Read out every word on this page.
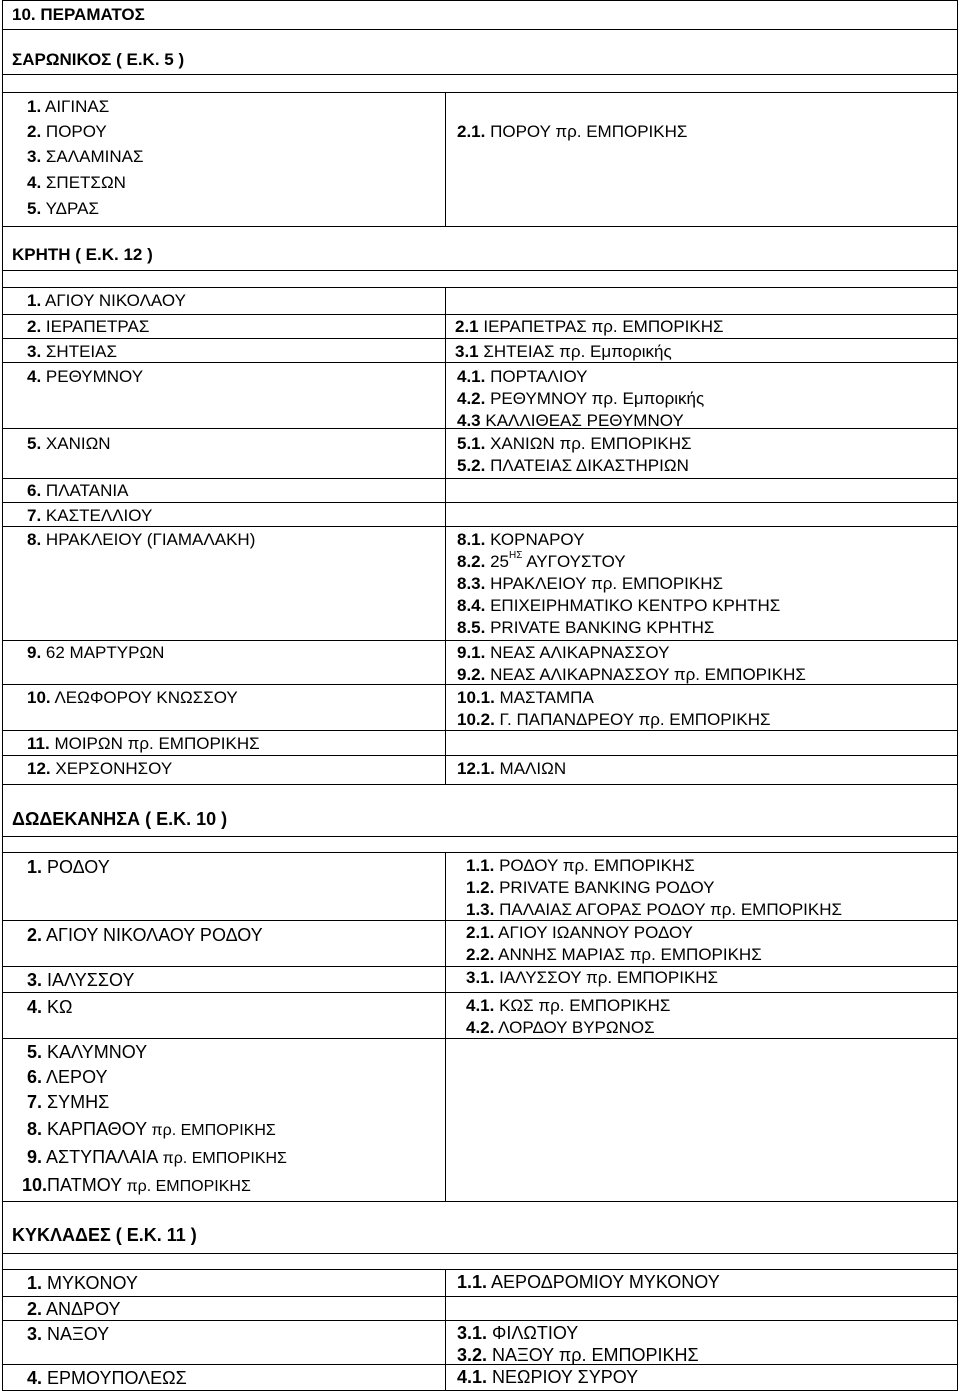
10. ΠΕΡΑΜΑΤΟΣ
ΣΑΡΩΝΙΚΟΣ ( Ε.Κ. 5 )
1. ΑΙΓΙΝΑΣ
2. ΠΟΡΟΥ	2.1. ΠΟΡΟΥ πρ. ΕΜΠΟΡΙΚΗΣ
3. ΣΑΛΑΜΙΝΑΣ
4. ΣΠΕΤΣΩΝ
5. ΥΔΡΑΣ
ΚΡΗΤΗ ( Ε.Κ. 12 )
1. ΑΓΙΟΥ ΝΙΚΟΛΑΟΥ
2. ΙΕΡΑΠΕΤΡΑΣ	2.1 ΙΕΡΑΠΕΤΡΑΣ πρ. ΕΜΠΟΡΙΚΗΣ
3. ΣΗΤΕΙΑΣ	3.1 ΣΗΤΕΙΑΣ πρ. Εμπορικής
4. ΡΕΘΥΜΝΟΥ	4.1. ΠΟΡΤΑΛΙΟΥ
4.2. ΡΕΘΥΜΝΟΥ πρ. Εμπορικής
4.3 ΚΑΛΛΙΘΕΑΣ ΡΕΘΥΜΝΟΥ
5. ΧΑΝΙΩΝ	5.1. ΧΑΝΙΩΝ πρ. ΕΜΠΟΡΙΚΗΣ
5.2. ΠΛΑΤΕΙΑΣ ΔΙΚΑΣΤΗΡΙΩΝ
6. ΠΛΑΤΑΝΙΑ
7. ΚΑΣΤΕΛΛΙΟΥ
8. ΗΡΑΚΛΕΙΟΥ (ΓΙΑΜΑΛΑΚΗ)	8.1. ΚΟΡΝΑΡΟΥ
8.2. $25^{H\Sigma}$ ΑΥΓΟΥΣΤΟΥ
8.3. ΗΡΑΚΛΕΙΟΥ πρ. ΕΜΠΟΡΙΚΗΣ
8.4. ΕΠΙΧΕΙΡΗΜΑΤΙΚΟ ΚΕΝΤΡΟ ΚΡΗΤΗΣ
8.5. PRIVATE BANKING ΚΡΗΤΗΣ
9. 62 ΜΑΡΤΥΡΩΝ	9.1. ΝΕΑΣ ΑΛΙΚΑΡΝΑΣΣΟΥ
9.2. ΝΕΑΣ ΑΛΙΚΑΡΝΑΣΣΟΥ πρ. ΕΜΠΟΡΙΚΗΣ
10. ΛΕΩΦΟΡΟΥ ΚΝΩΣΣΟΥ	10.1. ΜΑΣΤΑΜΠΑ
10.2. Γ. ΠΑΠΑΝΔΡΕΟΥ πρ. ΕΜΠΟΡΙΚΗΣ
11. ΜΟΙΡΩΝ πρ. ΕΜΠΟΡΙΚΗΣ
12. ΧΕΡΣΟΝΗΣΟΥ	12.1. ΜΑΛΙΩΝ
ΔΩΔΕΚΑΝΗΣΑ ( Ε.Κ. 10 )
1. ΡΟΔΟΥ	1.1. ΡΟΔΟΥ πρ. ΕΜΠΟΡΙΚΗΣ
1.2. PRIVATE BANKING ΡΟΔΟΥ
1.3. ΠΑΛΑΙΑΣ ΑΓΟΡΑΣ ΡΟΔΟΥ πρ. ΕΜΠΟΡΙΚΗΣ
2. ΑΓΙΟΥ ΝΙΚΟΛΑΟΥ ΡΟΔΟΥ	2.1. ΑΓΙΟΥ ΙΩΑΝΝΟΥ ΡΟΔΟΥ
2.2. ΑΝΝΗΣ ΜΑΡΙΑΣ πρ. ΕΜΠΟΡΙΚΗΣ
3. ΙΑΛΥΣΣΟΥ	3.1. ΙΑΛΥΣΣΟΥ πρ. ΕΜΠΟΡΙΚΗΣ
4. ΚΩ	4.1. ΚΩΣ πρ. ΕΜΠΟΡΙΚΗΣ
4.2. ΛΟΡΔΟΥ ΒΥΡΩΝΟΣ
5. ΚΑΛΥΜΝΟΥ
6. ΛΕΡΟΥ
7. ΣΥΜΗΣ
8. ΚΑΡΠΑΘΟΥ πρ. ΕΜΠΟΡΙΚΗΣ
9. ΑΣΤΥΠΑΛΑΙΑ πρ. ΕΜΠΟΡΙΚΗΣ
10.ΠΑΤΜΟΥ πρ. ΕΜΠΟΡΙΚΗΣ
ΚΥΚΛΑΔΕΣ ( Ε.Κ. 11 )
1. ΜΥΚΟΝΟΥ	1.1. ΑΕΡΟΔΡΟΜΙΟΥ ΜΥΚΟΝΟΥ
2. ΑΝΔΡΟΥ
3. ΝΑΞΟΥ	3.1. ΦΙΛΩΤΙΟΥ
3.2. ΝΑΞΟΥ πρ. ΕΜΠΟΡΙΚΗΣ
4. ΕΡΜΟΥΠΟΛΕΩΣ	4.1. ΝΕΩΡΙΟΥ ΣΥΡΟΥ
